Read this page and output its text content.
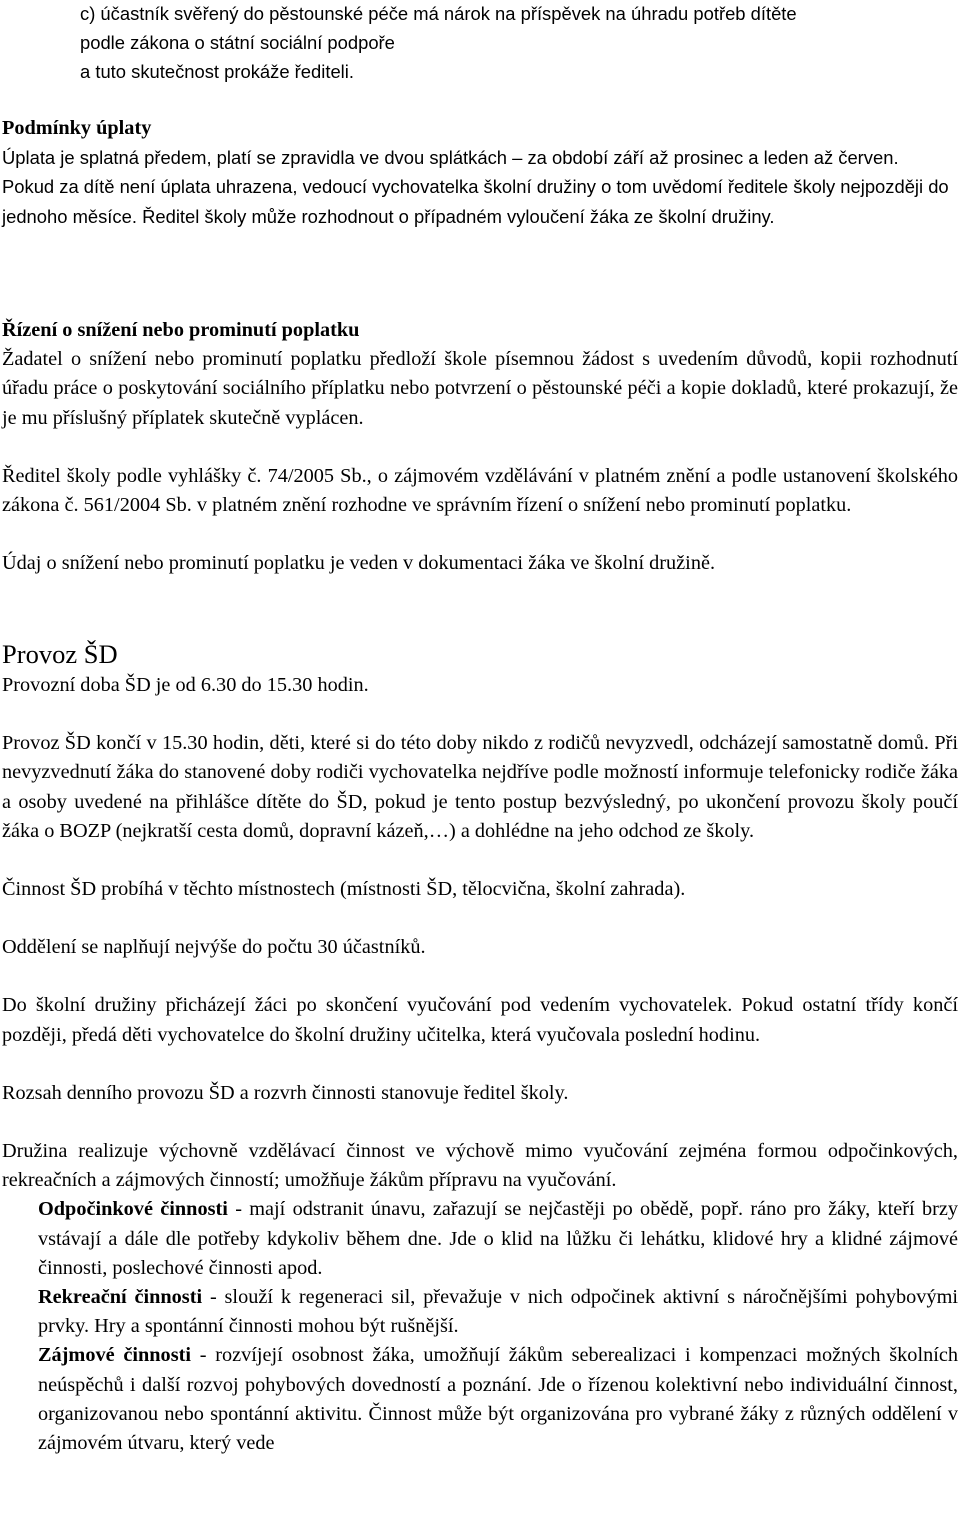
c) účastník svěřený do pěstounské péče má nárok na příspěvek na úhradu potřeb dítěte

podle zákona o státní sociální podpoře

a tuto skutečnost prokáže řediteli.

Podmínky úplaty

Úplata je splatná předem, platí se zpravidla ve dvou splátkách – za období září až prosinec a leden až červen.

Pokud za dítě není úplata uhrazena, vedoucí vychovatelka školní družiny o tom uvědomí ředitele školy nejpozději do jednoho měsíce. Ředitel školy může rozhodnout o případném vyloučení žáka ze školní družiny.

Řízení o snížení nebo prominutí poplatku

Žadatel o snížení nebo prominutí poplatku předloží škole písemnou žádost s uvedením důvodů, kopii rozhodnutí úřadu práce o poskytování sociálního příplatku nebo potvrzení o pěstounské péči a kopie dokladů, které prokazují, že je mu příslušný příplatek skutečně vyplácen.

Ředitel školy podle vyhlášky č. 74/2005 Sb., o zájmovém vzdělávání v platném znění a podle ustanovení školského zákona č. 561/2004 Sb. v platném znění rozhodne ve správním řízení o snížení nebo prominutí poplatku.

Údaj o snížení nebo prominutí poplatku je veden v dokumentaci žáka ve školní družině.

Provoz ŠD

Provozní doba ŠD je od 6.30 do 15.30 hodin.

Provoz ŠD končí v 15.30 hodin, děti, které si do této doby nikdo z rodičů nevyzvedl, odcházejí samostatně domů. Při nevyzvednutí žáka do stanovené doby rodiči vychovatelka nejdříve podle možností informuje telefonicky rodiče žáka a osoby uvedené na přihlášce dítěte do ŠD, pokud je tento postup bezvýsledný, po ukončení provozu školy poučí žáka o BOZP (nejkratší cesta domů, dopravní kázeň,…) a dohlédne na jeho odchod ze školy.

Činnost ŠD probíhá v těchto místnostech (místnosti ŠD, tělocvična, školní zahrada).

Oddělení se naplňují nejvýše do počtu 30 účastníků.

Do školní družiny přicházejí žáci po skončení vyučování pod vedením vychovatelek. Pokud ostatní třídy končí později, předá děti vychovatelce do školní družiny učitelka, která vyučovala poslední hodinu.

Rozsah denního provozu ŠD a rozvrh činnosti stanovuje ředitel školy.

Družina realizuje výchovně vzdělávací činnost ve výchově mimo vyučování zejména formou odpočinkových, rekreačních a zájmových činností; umožňuje žákům přípravu na vyučování.

Odpočinkové činnosti - mají odstranit únavu, zařazují se nejčastěji po obědě, popř. ráno pro žáky, kteří brzy vstávají a dále dle potřeby kdykoliv během dne. Jde o klid na lůžku či lehátku, klidové hry a klidné zájmové činnosti, poslechové činnosti apod.

Rekreační činnosti - slouží k regeneraci sil, převažuje v nich odpočinek aktivní s náročnějšími pohybovými prvky. Hry a spontánní činnosti mohou být rušnější.

Zájmové činnosti - rozvíjejí osobnost žáka, umožňují žákům seberealizaci i kompenzaci možných školních neúspěchů i další rozvoj pohybových dovedností a poznání. Jde o řízenou kolektivní nebo individuální činnost, organizovanou nebo spontánní aktivitu. Činnost může být organizována pro vybrané žáky z různých oddělení v zájmovém útvaru, který vede
